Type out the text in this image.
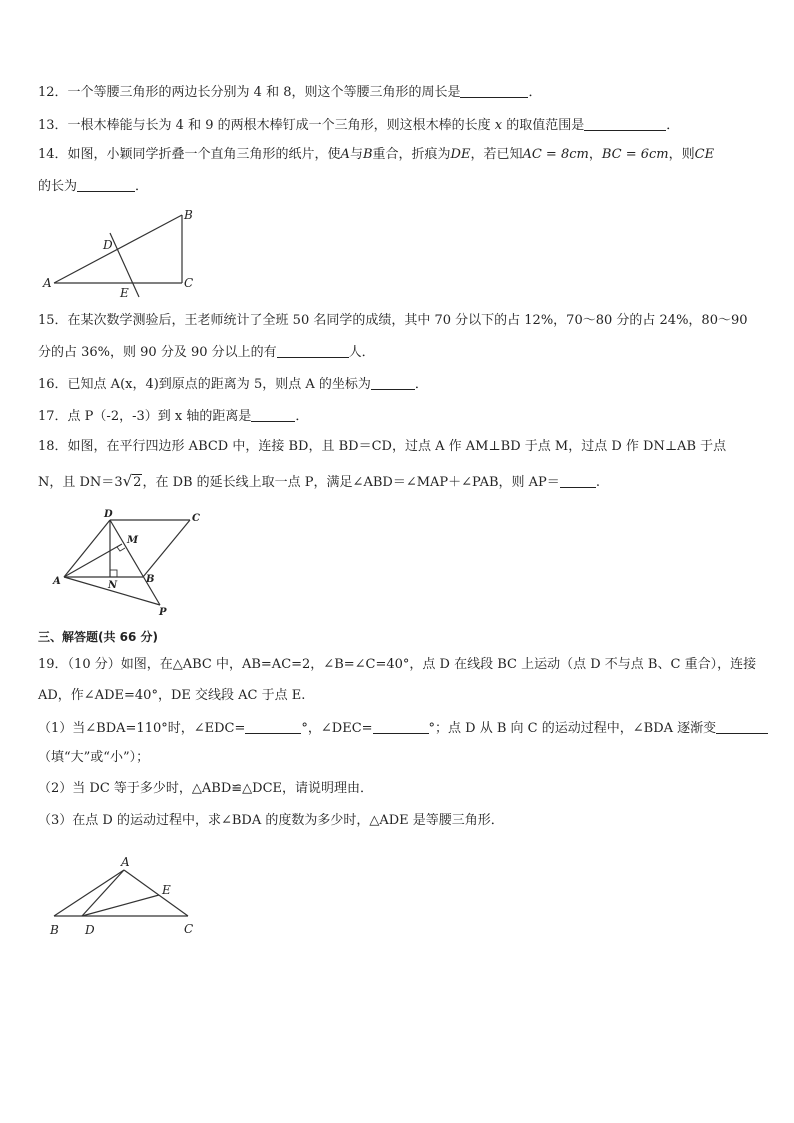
12．一个等腰三角形的两边长分别为 4 和 8，则这个等腰三角形的周长是	．
13．一根木棒能与长为 4 和 9 的两根木棒钉成一个三角形，则这根木棒的长度 x 的取值范围是	．
14．如图，小颖同学折叠一个直角三角形的纸片，使A与B重合，折痕为DE，若已知AC = 8cm，BC = 6cm，则CE
的长为	．
A
B
C
D
E
15．在某次数学测验后，王老师统计了全班 50 名同学的成绩，其中 70 分以下的占 12%，70～80 分的占 24%，80～90
分的占 36%，则 90 分及 90 分以上的有	人．
16．已知点 A(x，4)到原点的距离为 5，则点 A 的坐标为	．
17．点 P（-2，-3）到 x 轴的距离是	．
18．如图，在平行四边形 ABCD 中，连接 BD，且 BD＝CD，过点 A 作 AM⊥BD 于点 M，过点 D 作 DN⊥AB 于点
N，且 DN＝3√2，在 DB 的延长线上取一点 P，满足∠ABD＝∠MAP＋∠PAB，则 AP＝	.
D	C
M
A	N
B
P
三、解答题(共 66 分)
19．（10 分）如图，在△ABC 中，AB=AC=2，∠B=∠C=40°，点 D 在线段 BC 上运动（点 D 不与点 B、C 重合），连接
AD，作∠ADE=40°，DE 交线段 AC 于点 E.
（1）当∠BDA=110°时，∠EDC=	°，∠DEC=	°；点 D 从 B 向 C 的运动过程中，∠BDA 逐渐变
（填“大”或“小”）；
（2）当 DC 等于多少时，△ABD≌△DCE，请说明理由．
（3）在点 D 的运动过程中，求∠BDA 的度数为多少时，△ADE 是等腰三角形．
A
E
B D	C
